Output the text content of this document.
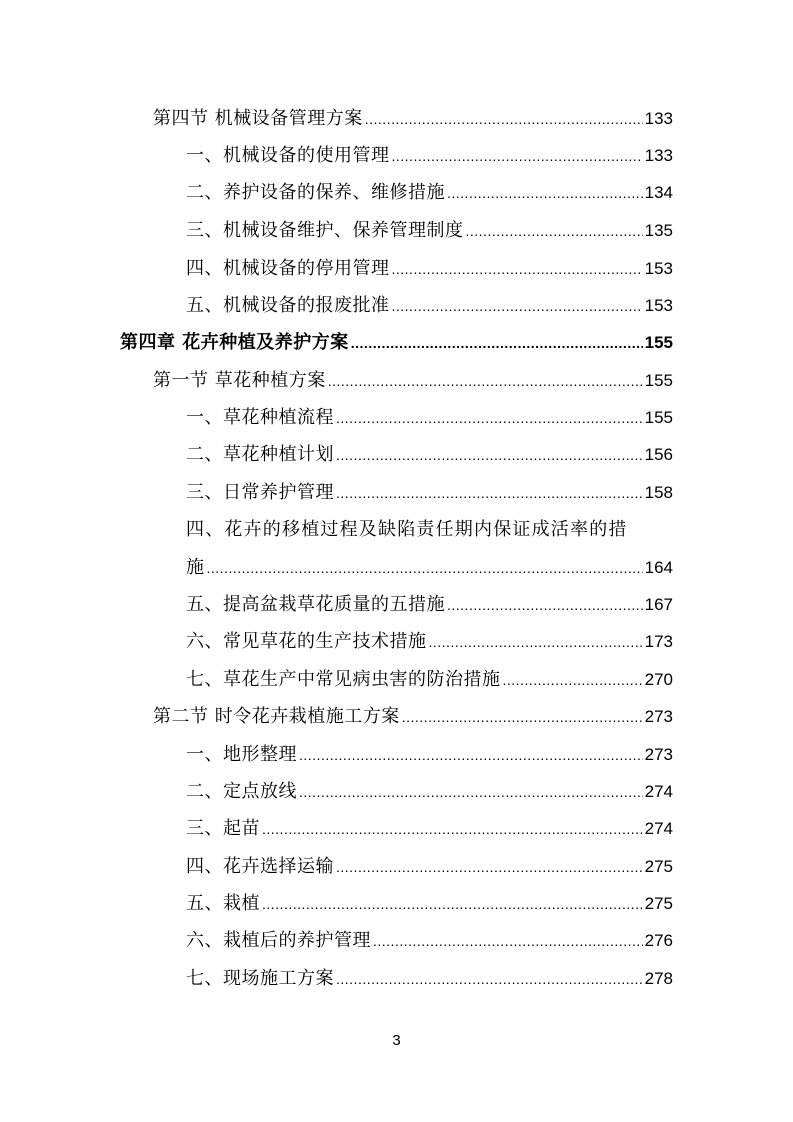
第四节 机械设备管理方案 .....	133
一、机械设备的使用管理 .....	133
二、养护设备的保养、维修措施 .....	134
三、机械设备维护、保养管理制度 .....	135
四、机械设备的停用管理 .....	153
五、机械设备的报废批准 .....	153
第四章 花卉种植及养护方案 .....	155
第一节 草花种植方案 .....	155
一、草花种植流程 .....	155
二、草花种植计划 .....	156
三、日常养护管理 .....	158
四、花卉的移植过程及缺陷责任期内保证成活率的措
施 .....	164
五、提高盆栽草花质量的五措施 .....	167
六、常见草花的生产技术措施 .....	173
七、草花生产中常见病虫害的防治措施 .....	270
第二节 时令花卉栽植施工方案 .....	273
一、地形整理 .....	273
二、定点放线 .....	274
三、起苗 .....	274
四、花卉选择运输 .....	275
五、栽植 .....	275
六、栽植后的养护管理 .....	276
七、现场施工方案 .....	278
3
